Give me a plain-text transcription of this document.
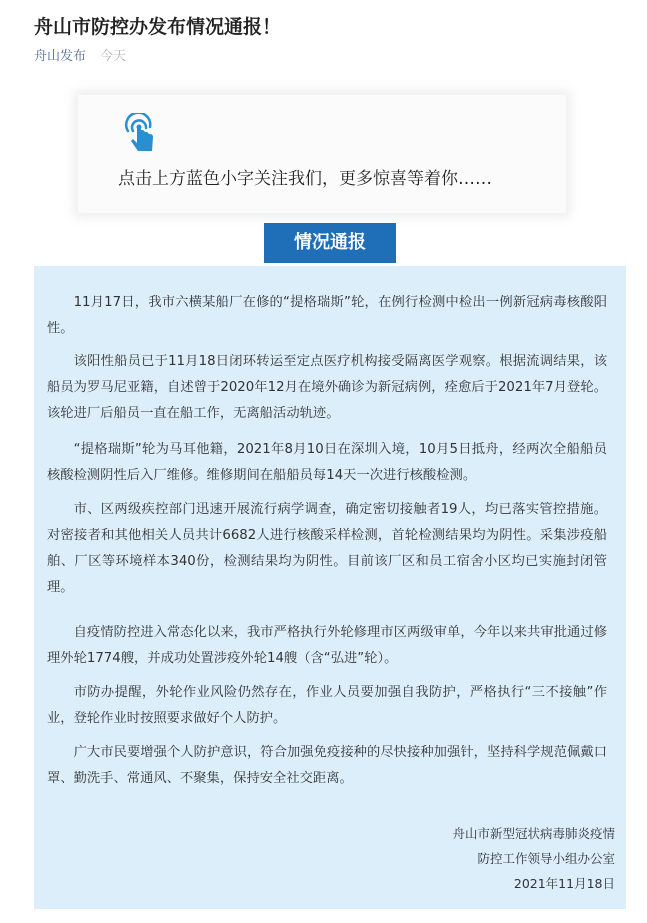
舟山市防控办发布情况通报！
舟山发布 今天
点击上方蓝色小字关注我们，更多惊喜等着你……
情况通报

11月17日，我市六横某船厂在修的“提格瑞斯”轮，在例行检测中检出一例新冠病毒核酸阳性。

该阳性船员已于11月18日闭环转运至定点医疗机构接受隔离医学观察。根据流调结果，该船员为罗马尼亚籍，自述曾于2020年12月在境外确诊为新冠病例，痊愈后于2021年7月登轮。该轮进厂后船员一直在船工作，无离船活动轨迹。

“提格瑞斯”轮为马耳他籍，2021年8月10日在深圳入境，10月5日抵舟，经两次全船船员核酸检测阴性后入厂维修。维修期间在船船员每14天一次进行核酸检测。

市、区两级疾控部门迅速开展流行病学调查，确定密切接触者19人，均已落实管控措施。对密接者和其他相关人员共计6682人进行核酸采样检测，首轮检测结果均为阴性。采集涉疫船舶、厂区等环境样本340份，检测结果均为阴性。目前该厂区和员工宿舍小区均已实施封闭管理。

自疫情防控进入常态化以来，我市严格执行外轮修理市区两级审单，今年以来共审批通过修理外轮1774艘，并成功处置涉疫外轮14艘（含“弘进”轮）。

市防办提醒，外轮作业风险仍然存在，作业人员要加强自我防护，严格执行“三不接触”作业，登轮作业时按照要求做好个人防护。

广大市民要增强个人防护意识，符合加强免疫接种的尽快接种加强针，坚持科学规范佩戴口罩、勤洗手、常通风、不聚集，保持安全社交距离。

舟山市新型冠状病毒肺炎疫情
防控工作领导小组办公室
2021年11月18日
